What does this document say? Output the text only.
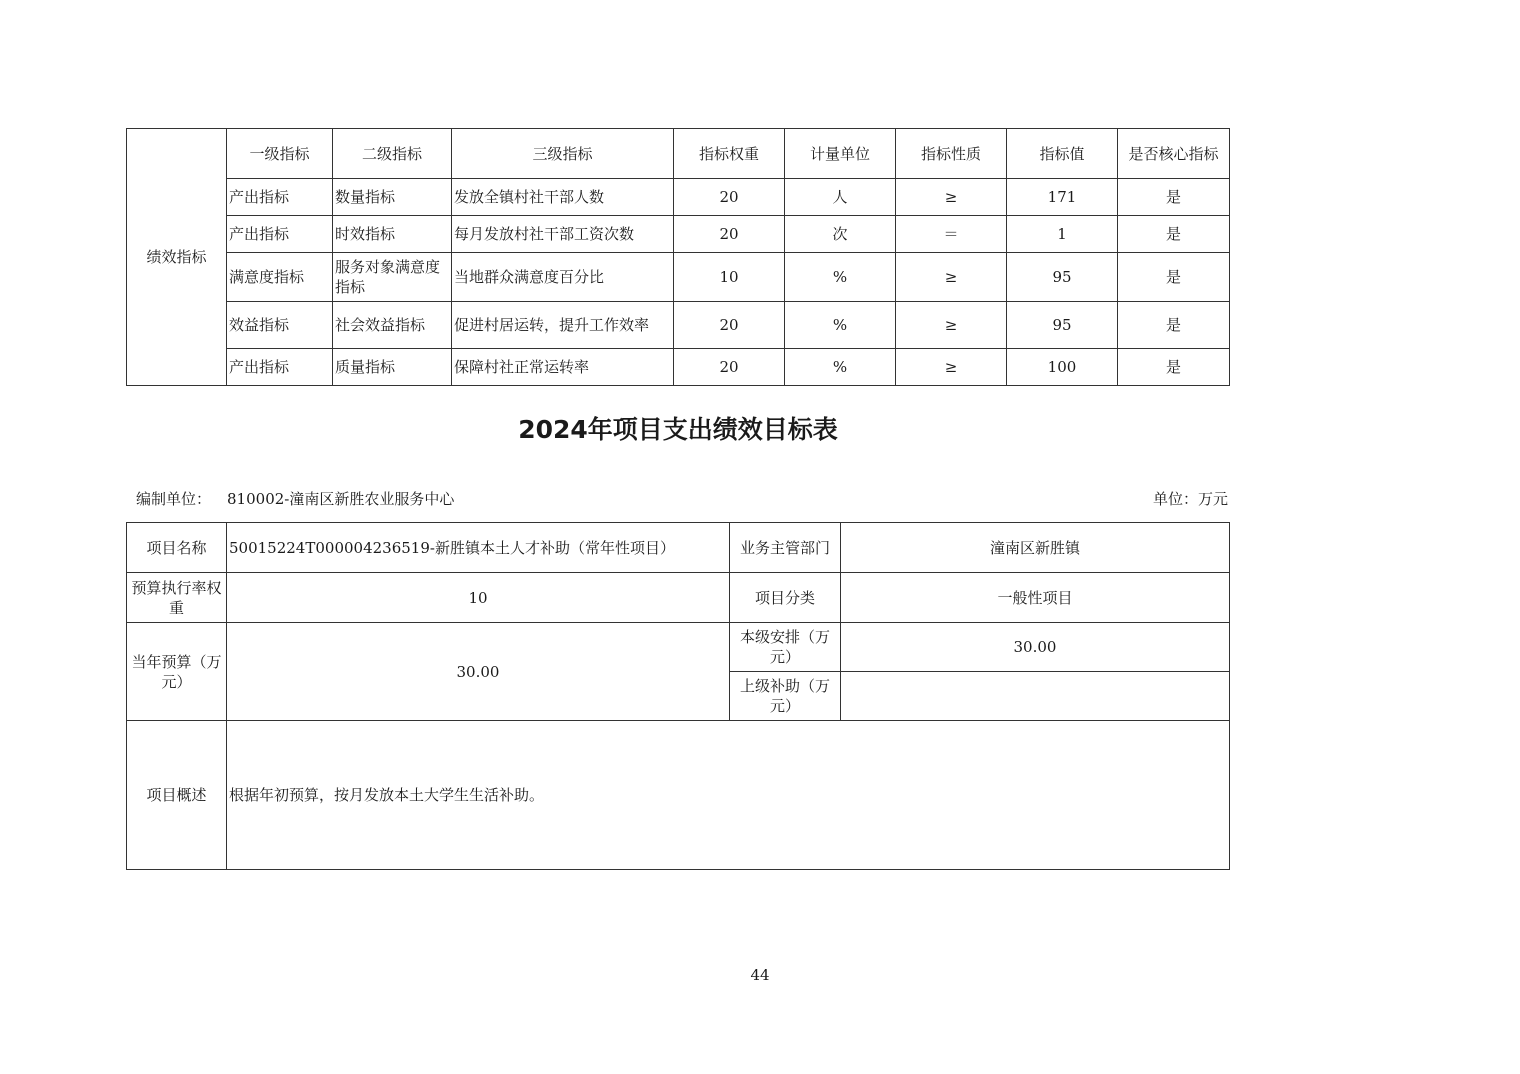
绩效指标	一级指标	二级指标	三级指标	指标权重	计量单位	指标性质	指标值	是否核心指标
	产出指标	数量指标	发放全镇村社干部人数	20	人	≥	171	是
	产出指标	时效指标	每月发放村社干部工资次数	20	次	＝	1	是
	满意度指标	服务对象满意度指标	当地群众满意度百分比	10	%	≥	95	是
	效益指标	社会效益指标	促进村居运转，提升工作效率	20	%	≥	95	是
	产出指标	质量指标	保障村社正常运转率	20	%	≥	100	是
2024年项目支出绩效目标表
编制单位： 810002-潼南区新胜农业服务中心	单位：万元
项目名称	50015224T000004236519-新胜镇本土人才补助（常年性项目）	业务主管部门	潼南区新胜镇
预算执行率权重	10	项目分类	一般性项目
当年预算（万元）	30.00	本级安排（万元）	30.00
		上级补助（万元）	
项目概述	根据年初预算，按月发放本土大学生生活补助。		
44
